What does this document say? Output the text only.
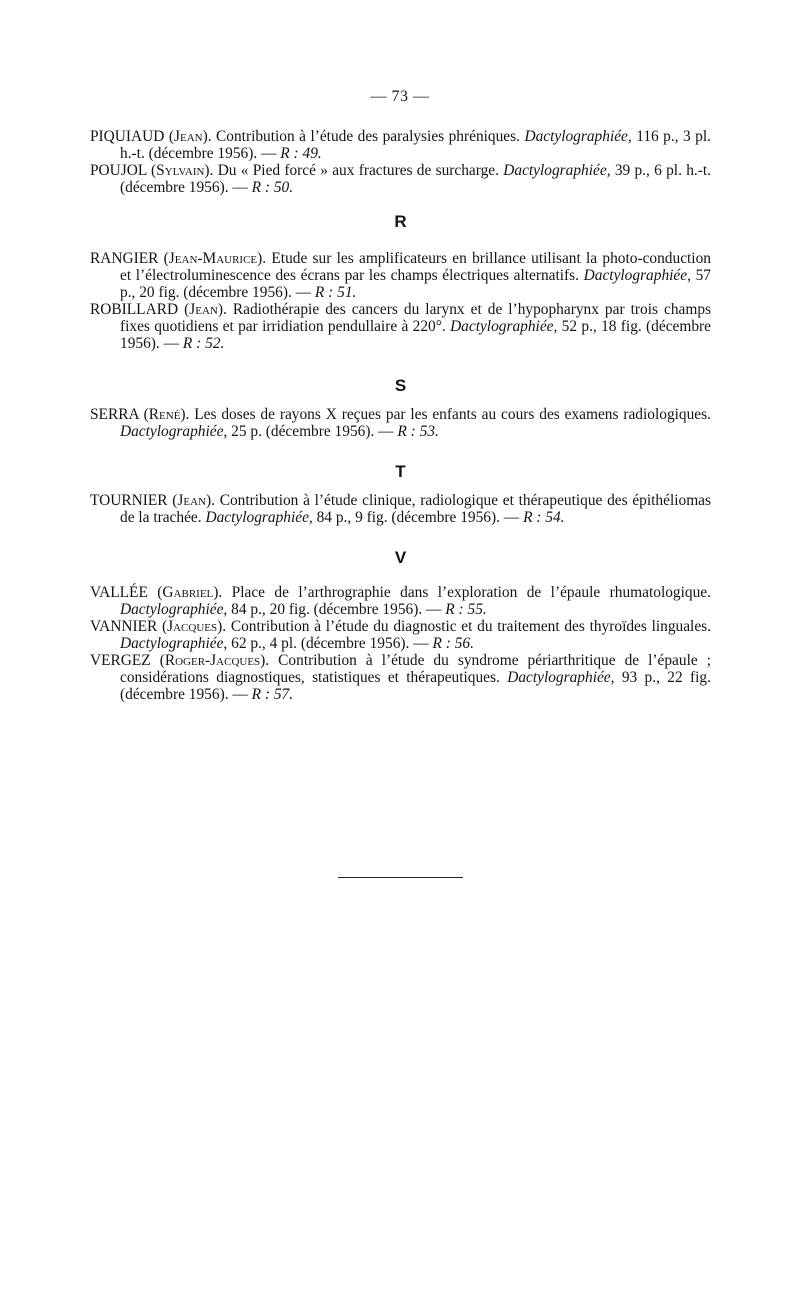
— 73 —

PIQUIAUD (Jean). Contribution à l’étude des paralysies phréniques. Dactylographiée, 116 p., 3 pl. h.-t. (décembre 1956). — R : 49.

POUJOL (Sylvain). Du « Pied forcé » aux fractures de surcharge. Dactylographiée, 39 p., 6 pl. h.-t. (décembre 1956). — R : 50.

R

RANGIER (Jean-Maurice). Etude sur les amplificateurs en brillance utilisant la photo-conduction et l’électroluminescence des écrans par les champs électriques alternatifs. Dactylographiée, 57 p., 20 fig. (décembre 1956). — R : 51.

ROBILLARD (Jean). Radiothérapie des cancers du larynx et de l’hypopharynx par trois champs fixes quotidiens et par irridiation pendullaire à 220°. Dactylographiée, 52 p., 18 fig. (décembre 1956). — R : 52.

S

SERRA (René). Les doses de rayons X reçues par les enfants au cours des examens radiologiques. Dactylographiée, 25 p. (décembre 1956). — R : 53.

T

TOURNIER (Jean). Contribution à l’étude clinique, radiologique et thérapeutique des épithéliomas de la trachée. Dactylographiée, 84 p., 9 fig. (décembre 1956). — R : 54.

V

VALLÉE (Gabriel). Place de l’arthrographie dans l’exploration de l’épaule rhumatologique. Dactylographiée, 84 p., 20 fig. (décembre 1956). — R : 55.

VANNIER (Jacques). Contribution à l’étude du diagnostic et du traitement des thyroïdes linguales. Dactylographiée, 62 p., 4 pl. (décembre 1956). — R : 56.

VERGEZ (Roger-Jacques). Contribution à l’étude du syndrome périarthritique de l’épaule ; considérations diagnostiques, statistiques et thérapeutiques. Dactylographiée, 93 p., 22 fig. (décembre 1956). — R : 57.
